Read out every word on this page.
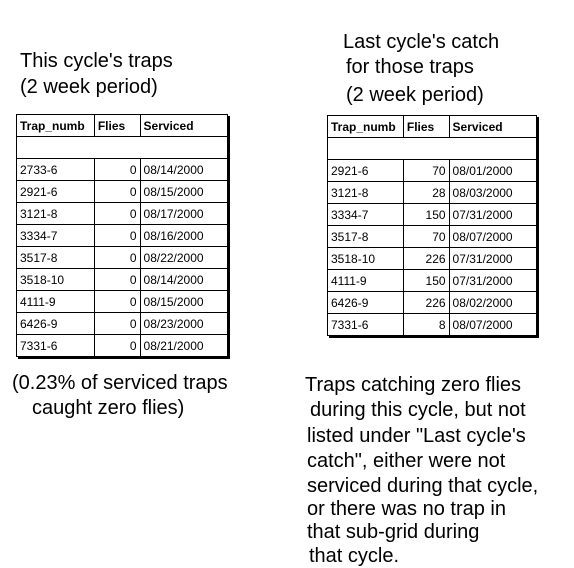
This cycle's traps
(2 week period)
Trap_numb	Flies	Serviced

2733-6	0	08/14/2000
2921-6	0	08/15/2000
3121-8	0	08/17/2000
3334-7	0	08/16/2000
3517-8	0	08/22/2000
3518-10	0	08/14/2000
4111-9	0	08/15/2000
6426-9	0	08/23/2000
7331-6	0	08/21/2000
Last cycle's catch
for those traps
(2 week period)
Trap_numb	Flies	Serviced

2921-6	70	08/01/2000
3121-8	28	08/03/2000
3334-7	150	07/31/2000
3517-8	70	08/07/2000
3518-10	226	07/31/2000
4111-9	150	07/31/2000
6426-9	226	08/02/2000
7331-6	8	08/07/2000
(0.23% of serviced traps
caught zero flies)
Traps catching zero flies
during this cycle, but not
listed under "Last cycle's
catch", either were not
serviced during that cycle,
or there was no trap in
that sub-grid during
that cycle.
